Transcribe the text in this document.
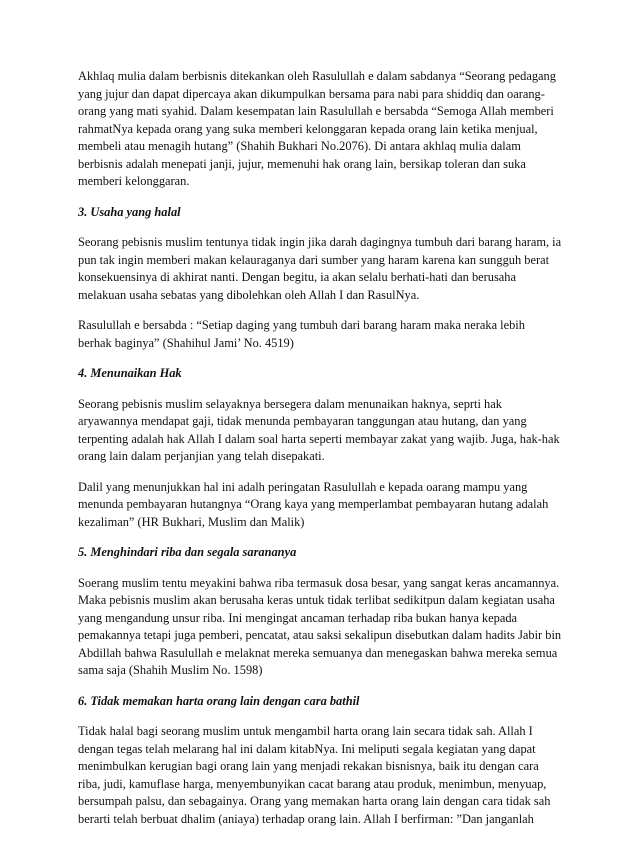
Akhlaq mulia dalam berbisnis ditekankan oleh Rasulullah e dalam sabdanya “Seorang pedagang
yang jujur dan dapat dipercaya akan dikumpulkan bersama para nabi para shiddiq dan oarang-
orang yang mati syahid. Dalam kesempatan lain Rasulullah e bersabda “Semoga Allah memberi
rahmatNya kepada orang yang suka memberi kelonggaran kepada orang lain ketika menjual,
membeli atau menagih hutang” (Shahih Bukhari No.2076). Di antara akhlaq mulia dalam
berbisnis adalah menepati janji, jujur, memenuhi hak orang lain, bersikap toleran dan suka
memberi kelonggaran.

3. Usaha yang halal

Seorang pebisnis muslim tentunya tidak ingin jika darah dagingnya tumbuh dari barang haram, ia
pun tak ingin memberi makan kelauraganya dari sumber yang haram karena kan sungguh berat
konsekuensinya di akhirat nanti. Dengan begitu, ia akan selalu berhati-hati dan berusaha
melakuan usaha sebatas yang dibolehkan oleh Allah I dan RasulNya.

Rasulullah e bersabda : “Setiap daging yang tumbuh dari barang haram maka neraka lebih
berhak baginya” (Shahihul Jami’ No. 4519)

4. Menunaikan Hak

Seorang pebisnis muslim selayaknya bersegera dalam menunaikan haknya, seprti hak
aryawannya mendapat gaji, tidak menunda pembayaran tanggungan atau hutang, dan yang
terpenting adalah hak Allah I dalam soal harta seperti membayar zakat yang wajib. Juga, hak-hak
orang lain dalam perjanjian yang telah disepakati.

Dalil yang menunjukkan hal ini adalh peringatan Rasulullah e kepada oarang mampu yang
menunda pembayaran hutangnya “Orang kaya yang memperlambat pembayaran hutang adalah
kezaliman” (HR Bukhari, Muslim dan Malik)

5. Menghindari riba dan segala sarananya

Soerang muslim tentu meyakini bahwa riba termasuk dosa besar, yang sangat keras ancamannya.
Maka pebisnis muslim akan berusaha keras untuk tidak terlibat sedikitpun dalam kegiatan usaha
yang mengandung unsur riba. Ini mengingat ancaman terhadap riba bukan hanya kepada
pemakannya tetapi juga pemberi, pencatat, atau saksi sekalipun disebutkan dalam hadits Jabir bin
Abdillah bahwa Rasulullah e melaknat mereka semuanya dan menegaskan bahwa mereka semua
sama saja (Shahih Muslim No. 1598)

6. Tidak memakan harta orang lain dengan cara bathil

Tidak halal bagi seorang muslim untuk mengambil harta orang lain secara tidak sah. Allah I
dengan tegas telah melarang hal ini dalam kitabNya. Ini meliputi segala kegiatan yang dapat
menimbulkan kerugian bagi orang lain yang menjadi rekakan bisnisnya, baik itu dengan cara
riba, judi, kamuflase harga, menyembunyikan cacat barang atau produk, menimbun, menyuap,
bersumpah palsu, dan sebagainya. Orang yang memakan harta orang lain dengan cara tidak sah
berarti telah berbuat dhalim (aniaya) terhadap orang lain. Allah I berfirman: ”Dan janganlah
